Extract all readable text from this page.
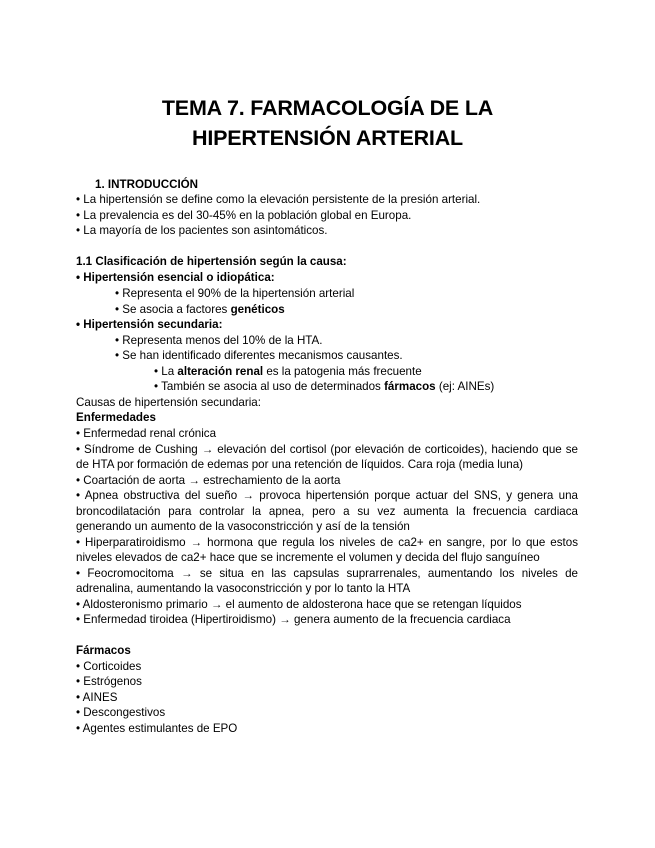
TEMA 7. FARMACOLOGÍA DE LA
HIPERTENSIÓN ARTERIAL
1. INTRODUCCIÓN
• La hipertensión se define como la elevación persistente de la presión arterial.
• La prevalencia es del 30-45% en la población global en Europa.
• La mayoría de los pacientes son asintomáticos.
1.1 Clasificación de hipertensión según la causa:
• Hipertensión esencial o idiopática:
• Representa el 90% de la hipertensión arterial
• Se asocia a factores genéticos
• Hipertensión secundaria:
• Representa menos del 10% de la HTA.
• Se han identificado diferentes mecanismos causantes.
• La alteración renal es la patogenia más frecuente
• También se asocia al uso de determinados fármacos (ej: AINEs)
Causas de hipertensión secundaria:
Enfermedades
• Enfermedad renal crónica
• Síndrome de Cushing → elevación del cortisol (por elevación de corticoides), haciendo que se
de HTA por formación de edemas por una retención de líquidos. Cara roja (media luna)
• Coartación de aorta → estrechamiento de la aorta
• Apnea obstructiva del sueño → provoca hipertensión porque actuar del SNS, y genera una
broncodilatación para controlar la apnea, pero a su vez aumenta la frecuencia cardiaca
generando un aumento de la vasoconstricción y así de la tensión
• Hiperparatiroidismo → hormona que regula los niveles de ca2+ en sangre, por lo que estos
niveles elevados de ca2+ hace que se incremente el volumen y decida del flujo sanguíneo
• Feocromocitoma → se situa en las capsulas suprarrenales, aumentando los niveles de
adrenalina, aumentando la vasoconstricción y por lo tanto la HTA
• Aldosteronismo primario → el aumento de aldosterona hace que se retengan líquidos
• Enfermedad tiroidea (Hipertiroidismo) → genera aumento de la frecuencia cardiaca
Fármacos
• Corticoides
• Estrógenos
• AINES
• Descongestivos
• Agentes estimulantes de EPO
